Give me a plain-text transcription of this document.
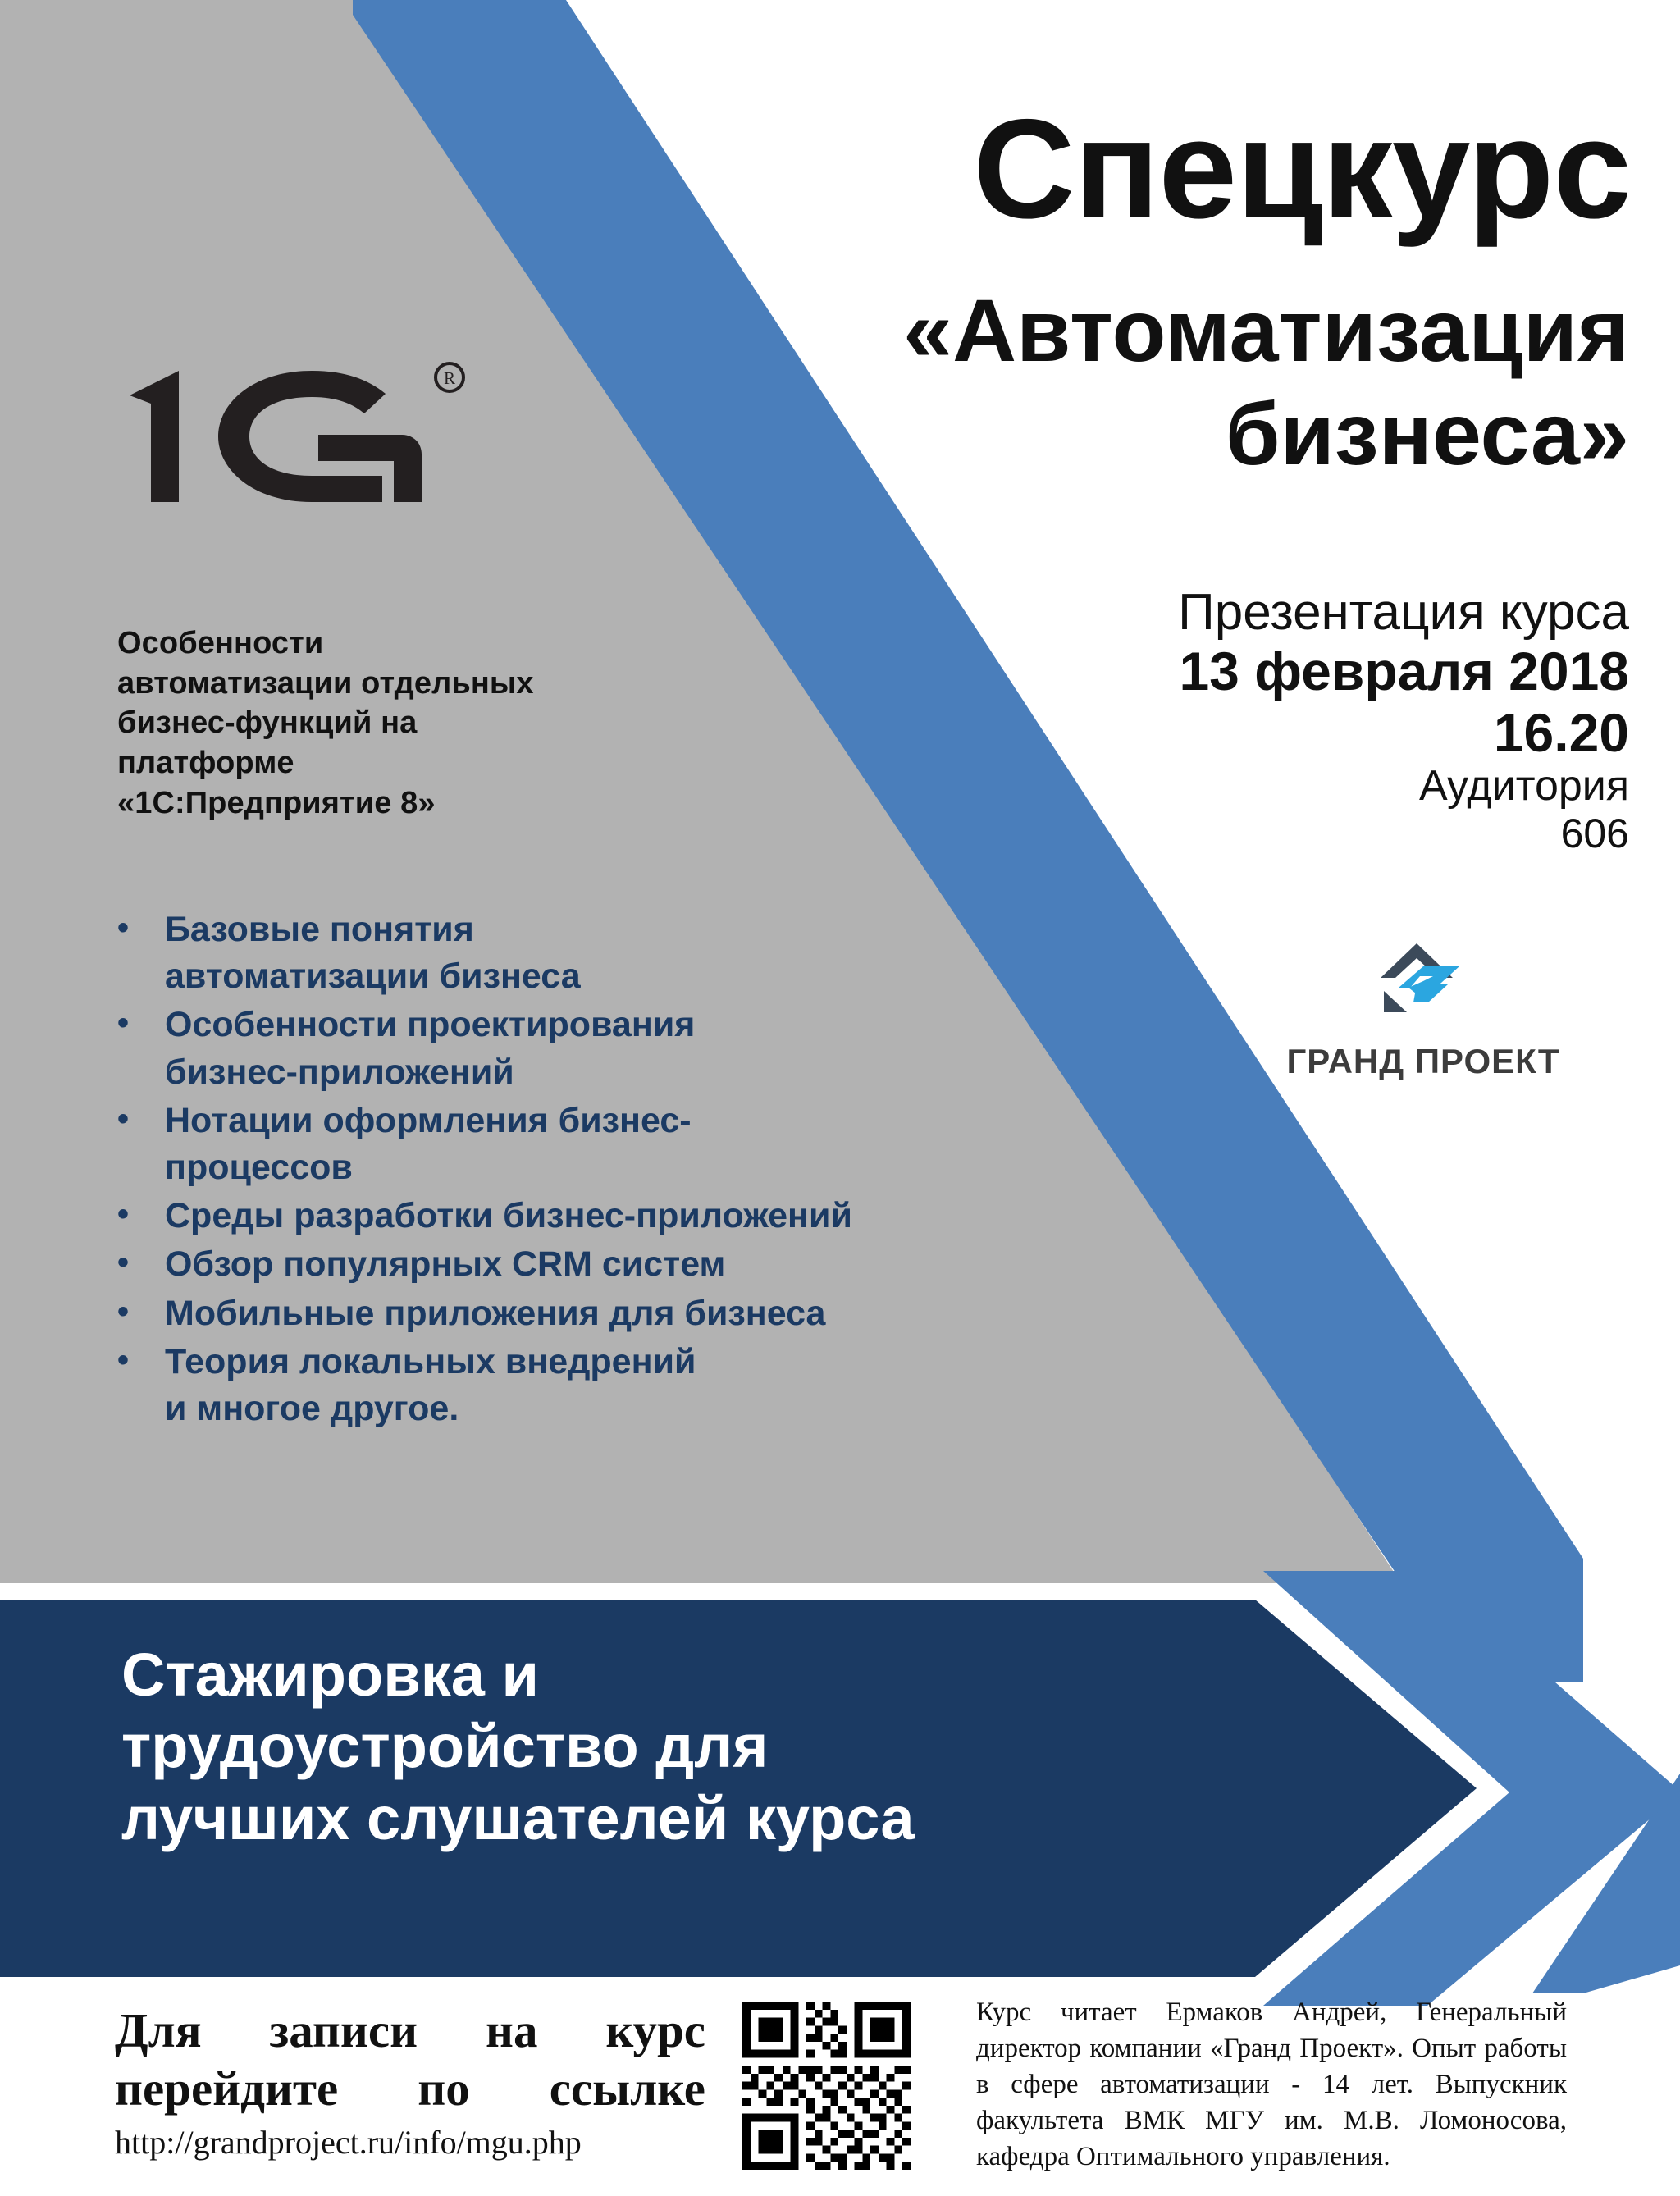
R
Спецкурс
«Автоматизация бизнеса»
Особенности
автоматизации отдельных
бизнес-функций на
платформе
«1С:Предприятие 8»
•	Базовые понятия
автоматизации бизнеса
•	Особенности проектирования
бизнес-приложений
•	Нотации оформления бизнес-
процессов
•	Среды разработки бизнес-приложений
•	Обзор популярных CRM систем
•	Мобильные приложения для бизнеса
•	Теория локальных внедрений
и многое другое.
Презентация курса
13 февраля 2018
16.20
Аудитория
606
ГРАНД ПРОЕКТ
Стажировка и
трудоустройство для
лучших слушателей курса
Для записи на курс
перейдите по ссылке
http://grandproject.ru/info/mgu.php
Курс читает Ермаков Андрей, Генеральный директор компании «Гранд Проект». Опыт работы в сфере автоматизации - 14 лет. Выпускник факультета ВМК МГУ им. М.В. Ломоносова, кафедра Оптимального управления.
